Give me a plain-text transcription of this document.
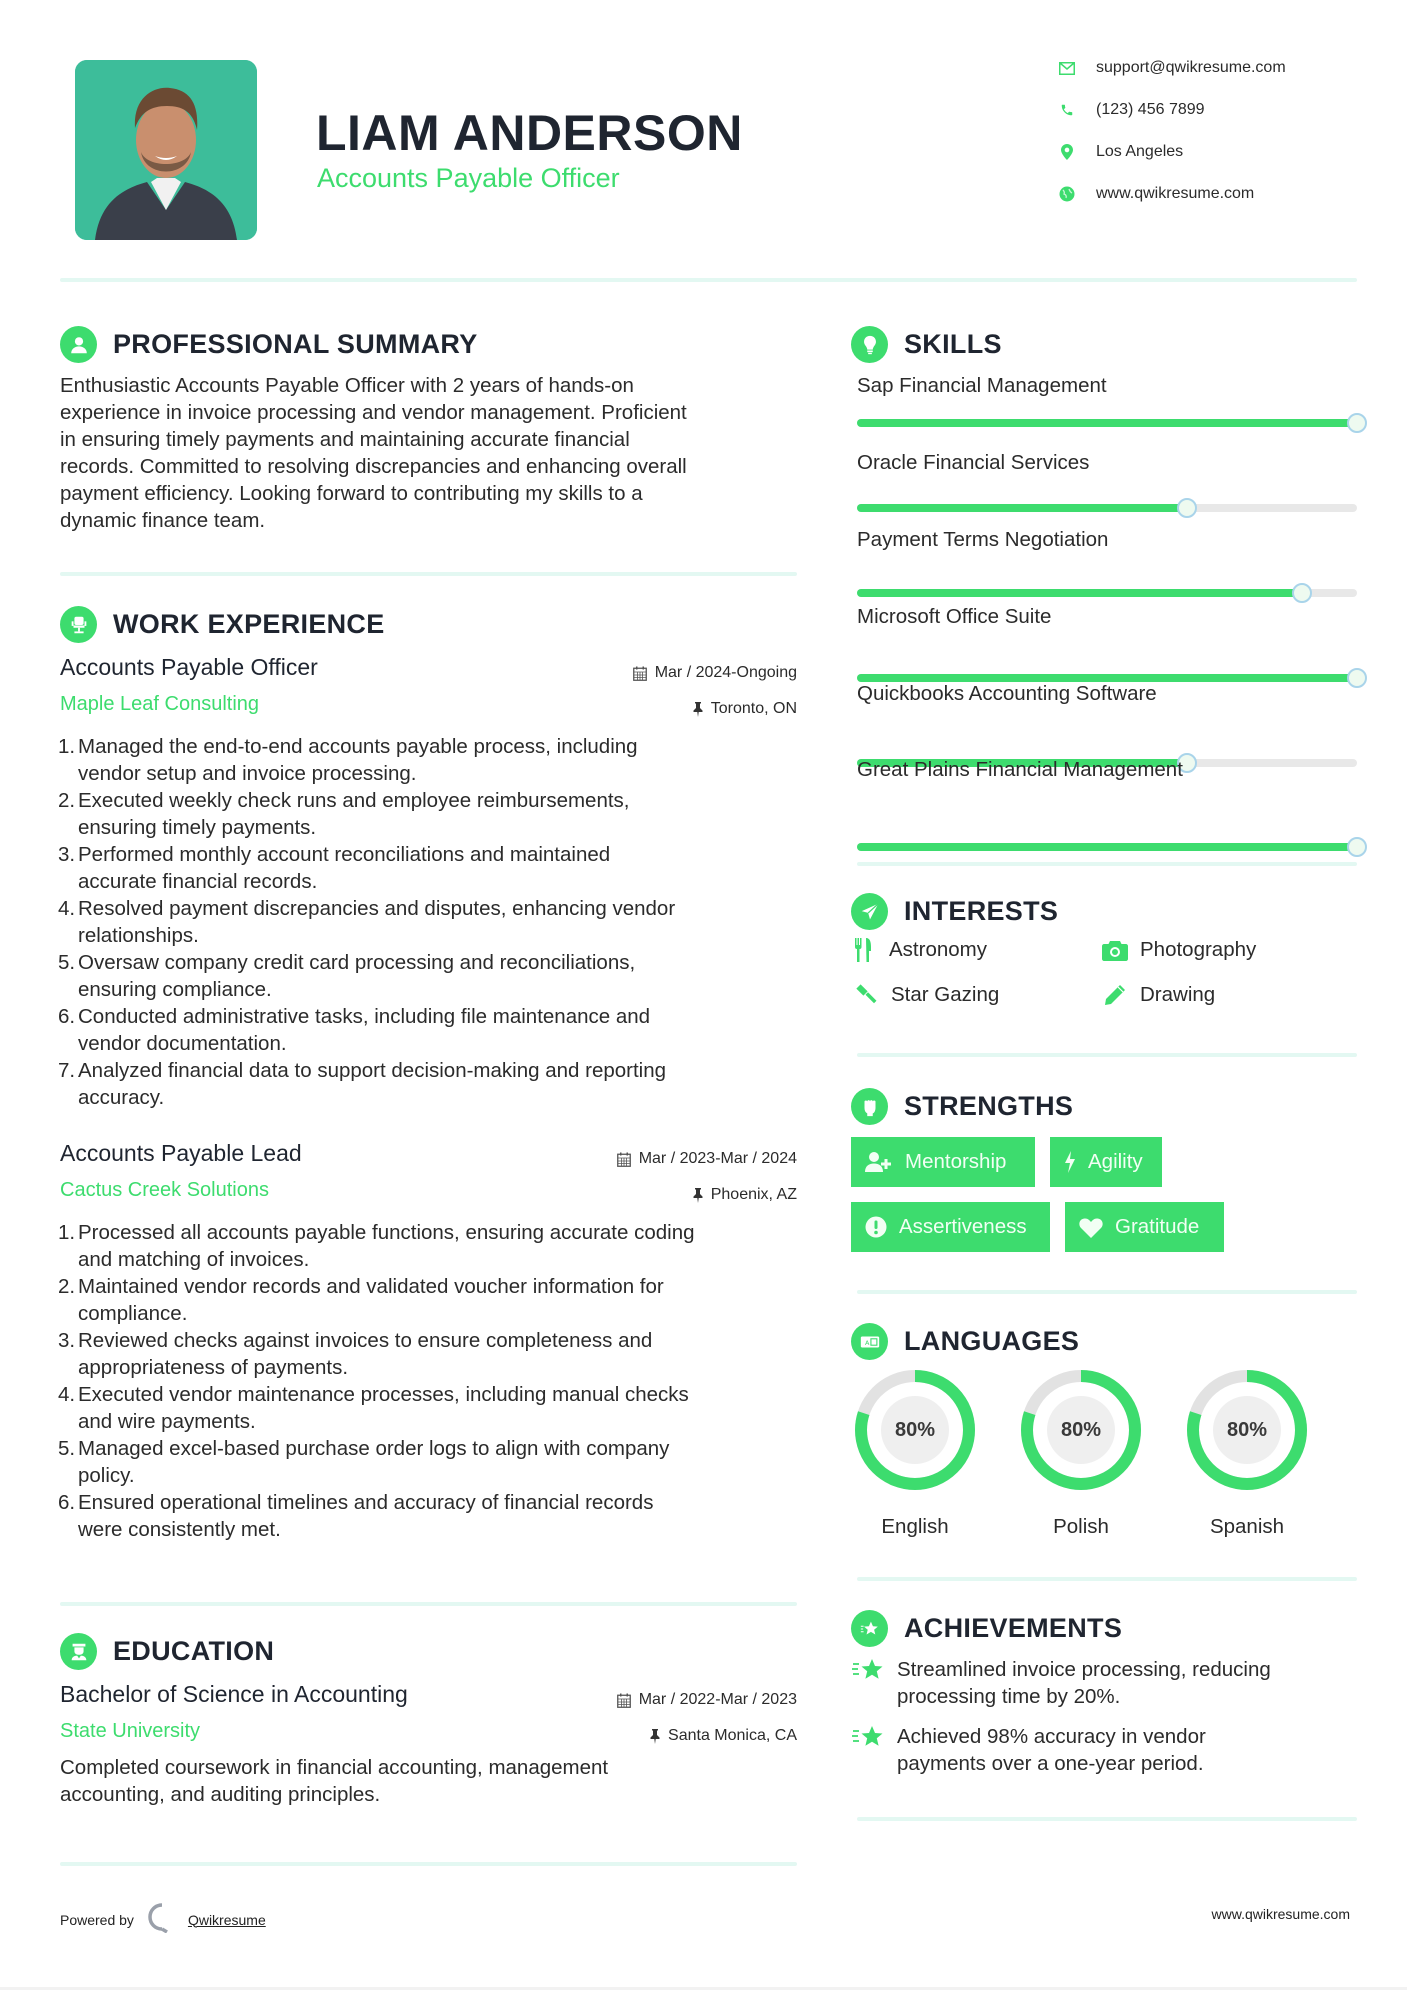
LIAM ANDERSON
Accounts Payable Officer
support@qwikresume.com
(123) 456 7899
Los Angeles
www.qwikresume.com
PROFESSIONAL SUMMARY
Enthusiastic Accounts Payable Officer with 2 years of hands-on
experience in invoice processing and vendor management. Proficient
in ensuring timely payments and maintaining accurate financial
records. Committed to resolving discrepancies and enhancing overall
payment efficiency. Looking forward to contributing my skills to a
dynamic finance team.
WORK EXPERIENCE
Accounts Payable Officer	Mar / 2024-Ongoing
Maple Leaf Consulting	Toronto, ON
1. Managed the end-to-end accounts payable process, including
vendor setup and invoice processing.
2. Executed weekly check runs and employee reimbursements,
ensuring timely payments.
3. Performed monthly account reconciliations and maintained
accurate financial records.
4. Resolved payment discrepancies and disputes, enhancing vendor
relationships.
5. Oversaw company credit card processing and reconciliations,
ensuring compliance.
6. Conducted administrative tasks, including file maintenance and
vendor documentation.
7. Analyzed financial data to support decision-making and reporting
accuracy.
Accounts Payable Lead	Mar / 2023-Mar / 2024
Cactus Creek Solutions	Phoenix, AZ
1. Processed all accounts payable functions, ensuring accurate coding
and matching of invoices.
2. Maintained vendor records and validated voucher information for
compliance.
3. Reviewed checks against invoices to ensure completeness and
appropriateness of payments.
4. Executed vendor maintenance processes, including manual checks
and wire payments.
5. Managed excel-based purchase order logs to align with company
policy.
6. Ensured operational timelines and accuracy of financial records
were consistently met.
EDUCATION
Bachelor of Science in Accounting	Mar / 2022-Mar / 2023
State University	Santa Monica, CA
Completed coursework in financial accounting, management
accounting, and auditing principles.
SKILLS
Sap Financial Management
Oracle Financial Services
Payment Terms Negotiation
Microsoft Office Suite
Quickbooks Accounting Software
Great Plains Financial Management
INTERESTS
Astronomy	Photography
Star Gazing	Drawing
STRENGTHS
Mentorship	Agility
Assertiveness	Gratitude
A LANGUAGES
80%
English
80%
Polish
80%
Spanish
ACHIEVEMENTS
Streamlined invoice processing, reducing
processing time by 20%.
Achieved 98% accuracy in vendor
payments over a one-year period.
Powered by	Qwikresume	www.qwikresume.com
